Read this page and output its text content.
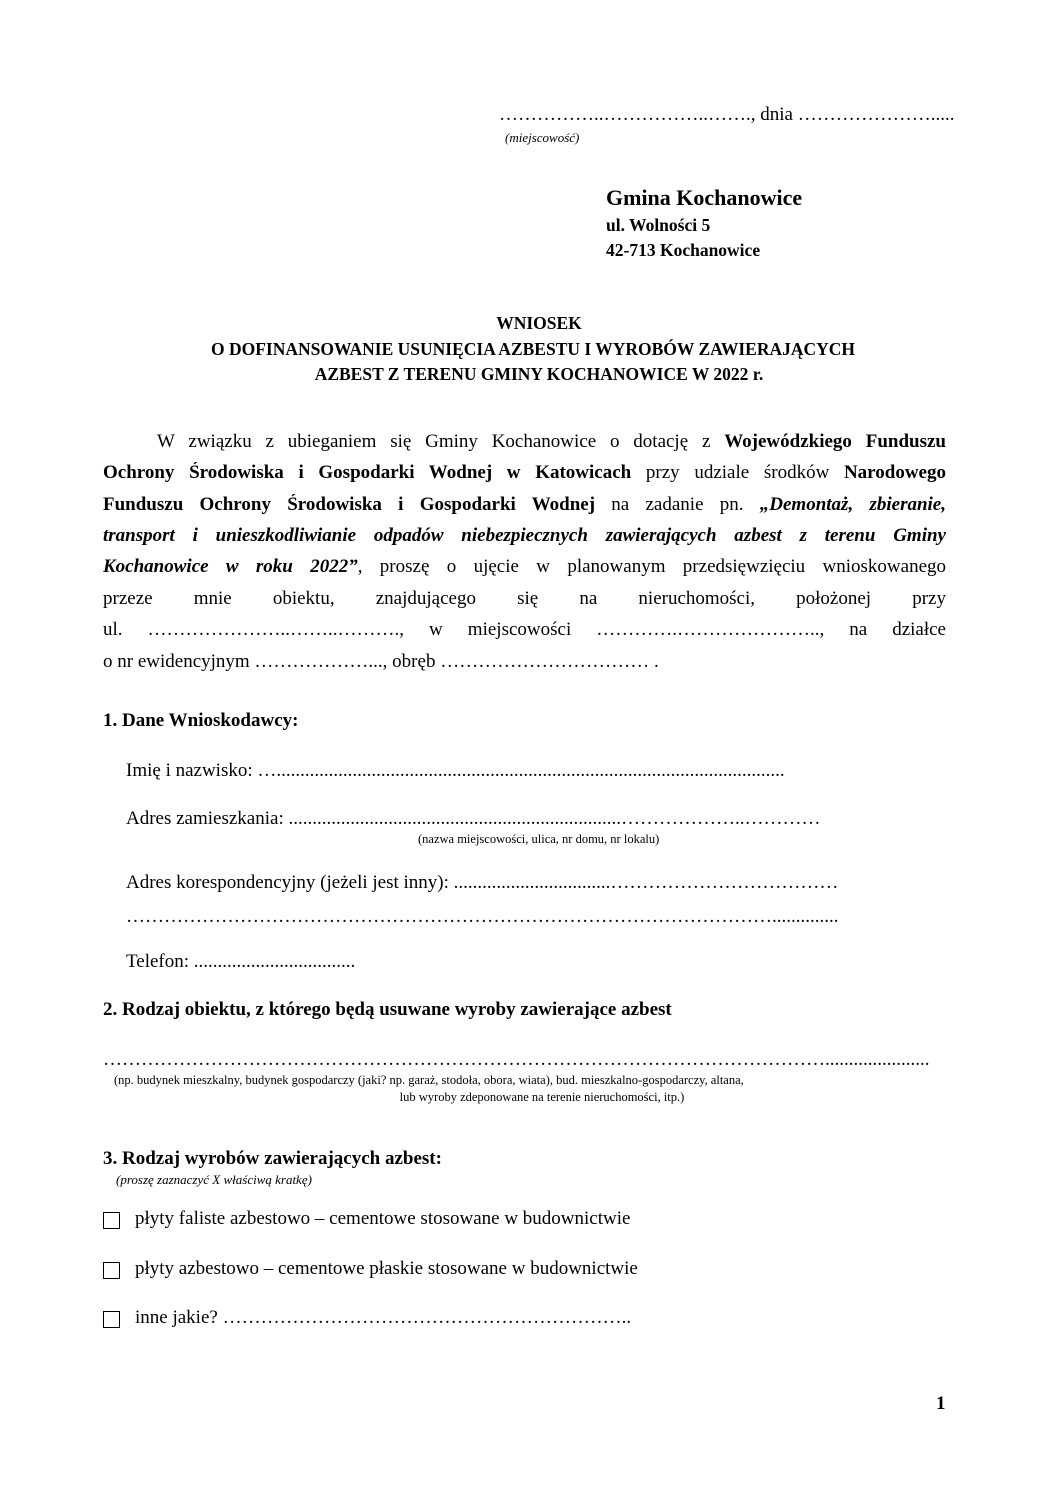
……………..……………..……., dnia ………………….....
(miejscowość)
Gmina Kochanowice
ul. Wolności 5
42-713 Kochanowice
WNIOSEK
O DOFINANSOWANIE USUNIĘCIA AZBESTU I WYROBÓW ZAWIERAJĄCYCH
AZBEST Z TERENU GMINY KOCHANOWICE W 2022 r.
W związku z ubieganiem się Gminy Kochanowice o dotację z Wojewódzkiego Funduszu
Ochrony Środowiska i Gospodarki Wodnej w Katowicach przy udziale środków Narodowego
Funduszu Ochrony Środowiska i Gospodarki Wodnej na zadanie pn. „Demontaż, zbieranie,
transport i unieszkodliwianie odpadów niebezpiecznych zawierających azbest z terenu Gminy
Kochanowice w roku 2022”, proszę o ujęcie w planowanym przedsięwzięciu wnioskowanego
przeze mnie obiektu, znajdującego się na nieruchomości, położonej przy
ul. …………………..……..………., w miejscowości ………….………………….., na działce
o nr ewidencyjnym ………………..., obręb …………………………… .
1. Dane Wnioskodawcy:
Imię i nazwisko: …...........................................................................................................
Adres zamieszkania: ......................................................................………………..…………
(nazwa miejscowości, ulica, nr domu, nr lokalu)
Adres korespondencyjny (jeżeli jest inny): .................................………………………………
…………………………………………………………………………………………..............
Telefon: ..................................
2. Rodzaj obiektu, z którego będą usuwane wyroby zawierające azbest
……………………………………………………………………………………………………......................
(np. budynek mieszkalny, budynek gospodarczy (jaki? np. garaż, stodoła, obora, wiata), bud. mieszkalno-gospodarczy, altana,
lub wyroby zdeponowane na terenie nieruchomości, itp.)
3. Rodzaj wyrobów zawierających azbest:
(proszę zaznaczyć X właściwą kratkę)
płyty faliste azbestowo – cementowe stosowane w budownictwie
płyty azbestowo – cementowe płaskie stosowane w budownictwie
inne jakie? ………………………………………………………..
1
